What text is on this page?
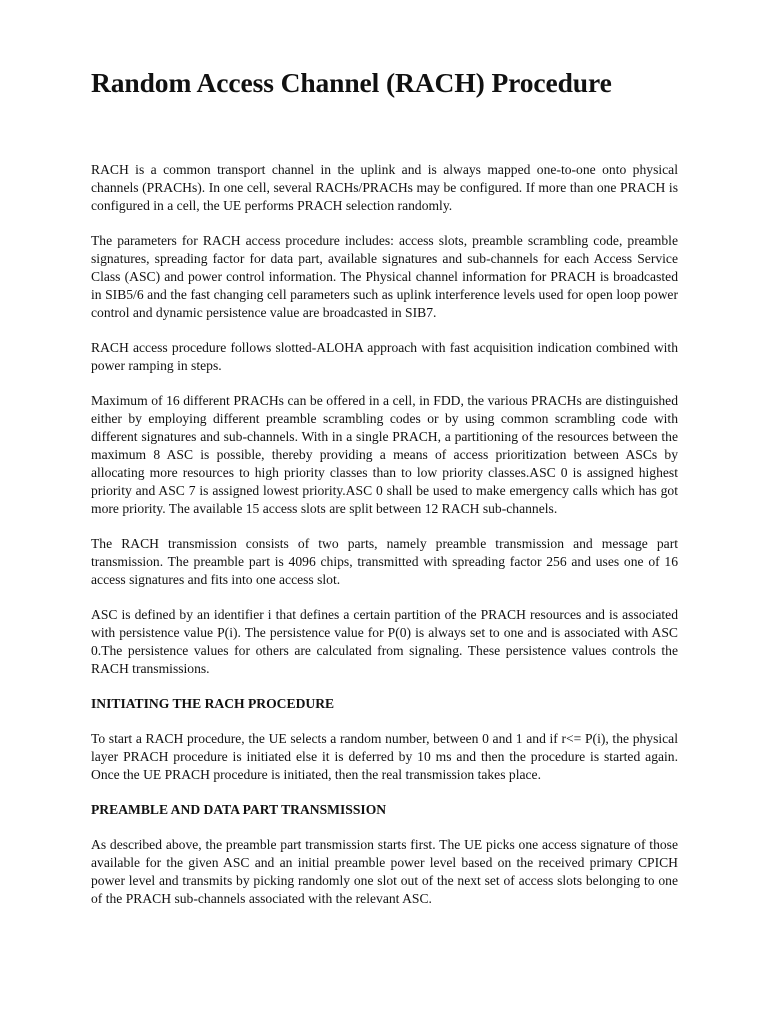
Random Access Channel (RACH) Procedure

RACH is a common transport channel in the uplink and is always mapped one-to-one onto physical channels (PRACHs). In one cell, several RACHs/PRACHs may be configured. If more than one PRACH is configured in a cell, the UE performs PRACH selection randomly.

The parameters for RACH access procedure includes: access slots, preamble scrambling code, preamble signatures, spreading factor for data part, available signatures and sub-channels for each Access Service Class (ASC) and power control information. The Physical channel information for PRACH is broadcasted in SIB5/6 and the fast changing cell parameters such as uplink interference levels used for open loop power control and dynamic persistence value are broadcasted in SIB7.

RACH access procedure follows slotted-ALOHA approach with fast acquisition indication combined with power ramping in steps.

Maximum of 16 different PRACHs can be offered in a cell, in FDD, the various PRACHs are distinguished either by employing different preamble scrambling codes or by using common scrambling code with different signatures and sub-channels. With in a single PRACH, a partitioning of the resources between the maximum 8 ASC is possible, thereby providing a means of access prioritization between ASCs by allocating more resources to high priority classes than to low priority classes.ASC 0 is assigned highest priority and ASC 7 is assigned lowest priority.ASC 0 shall be used to make emergency calls which has got more priority. The available 15 access slots are split between 12 RACH sub-channels.

The RACH transmission consists of two parts, namely preamble transmission and message part transmission. The preamble part is 4096 chips, transmitted with spreading factor 256 and uses one of 16 access signatures and fits into one access slot.

ASC is defined by an identifier i that defines a certain partition of the PRACH resources and is associated with persistence value P(i). The persistence value for P(0) is always set to one and is associated with ASC 0.The persistence values for others are calculated from signaling. These persistence values controls the RACH transmissions.

INITIATING THE RACH PROCEDURE

To start a RACH procedure, the UE selects a random number, between 0 and 1 and if r<= P(i), the physical layer PRACH procedure is initiated else it is deferred by 10 ms and then the procedure is started again. Once the UE PRACH procedure is initiated, then the real transmission takes place.

PREAMBLE AND DATA PART TRANSMISSION

As described above, the preamble part transmission starts first. The UE picks one access signature of those available for the given ASC and an initial preamble power level based on the received primary CPICH power level and transmits by picking randomly one slot out of the next set of access slots belonging to one of the PRACH sub-channels associated with the relevant ASC.
